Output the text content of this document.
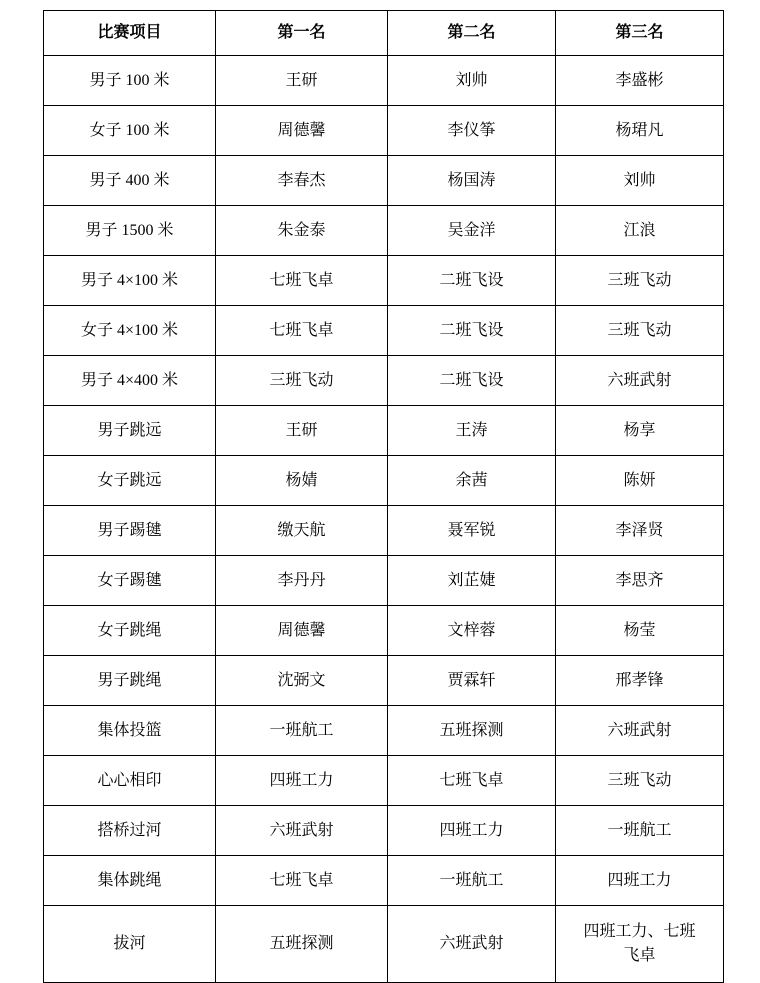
比赛项目	第一名	第二名	第三名
男子 100 米	王研	刘帅	李盛彬
女子 100 米	周德馨	李仪筝	杨珺凡
男子 400 米	李春杰	杨国涛	刘帅
男子 1500 米	朱金泰	吴金洋	江浪
男子 4×100 米	七班飞卓	二班飞设	三班飞动
女子 4×100 米	七班飞卓	二班飞设	三班飞动
男子 4×400 米	三班飞动	二班飞设	六班武射
男子跳远	王研	王涛	杨享
女子跳远	杨婧	余茜	陈妍
男子踢毽	缴天航	聂军锐	李泽贤
女子踢毽	李丹丹	刘芷婕	李思齐
女子跳绳	周德馨	文梓蓉	杨莹
男子跳绳	沈弼文	贾霖轩	邢孝锋
集体投篮	一班航工	五班探测	六班武射
心心相印	四班工力	七班飞卓	三班飞动
搭桥过河	六班武射	四班工力	一班航工
集体跳绳	七班飞卓	一班航工	四班工力
拔河	五班探测	六班武射	四班工力、七班
飞卓
